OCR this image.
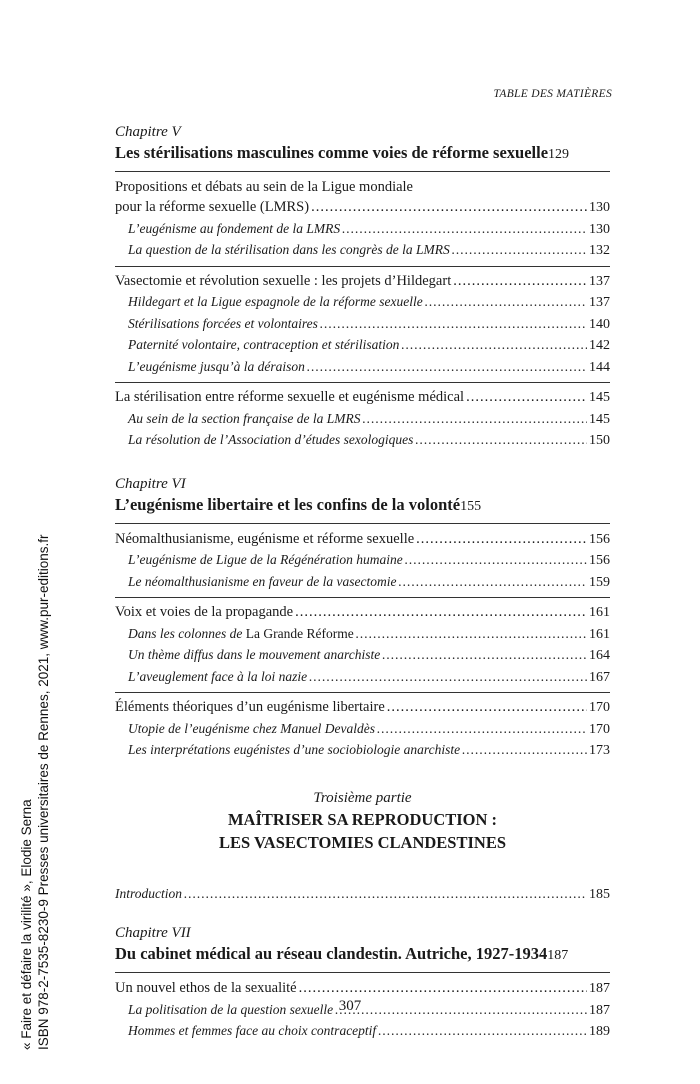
TABLE DES MATIÈRES
Chapitre V
Les stérilisations masculines comme voies de réforme sexuelle 129
Propositions et débats au sein de la Ligue mondiale
pour la réforme sexuelle (LMRS) .....	130
L’eugénisme au fondement de la LMRS .....	130
La question de la stérilisation dans les congrès de la LMRS .....	132
Vasectomie et révolution sexuelle : les projets d’Hildegart .....	137
Hildegart et la Ligue espagnole de la réforme sexuelle .....	137
Stérilisations forcées et volontaires .....	140
Paternité volontaire, contraception et stérilisation .....	142
L’eugénisme jusqu’à la déraison .....	144
La stérilisation entre réforme sexuelle et eugénisme médical .....	145
Au sein de la section française de la LMRS .....	145
La résolution de l’Association d’études sexologiques .....	150
Chapitre VI
L’eugénisme libertaire et les confins de la volonté 155
Néomalthusianisme, eugénisme et réforme sexuelle .....	156
L’eugénisme de Ligue de la Régénération humaine .....	156
Le néomalthusianisme en faveur de la vasectomie .....	159
Voix et voies de la propagande .....	161
Dans les colonnes de La Grande Réforme .....	161
Un thème diffus dans le mouvement anarchiste .....	164
L’aveuglement face à la loi nazie .....	167
Éléments théoriques d’un eugénisme libertaire .....	170
Utopie de l’eugénisme chez Manuel Devaldès .....	170
Les interprétations eugénistes d’une sociobiologie anarchiste .....	173
Troisième partie
MAÎTRISER SA REPRODUCTION :
LES VASECTOMIES CLANDESTINES
Introduction .....	185
Chapitre VII
Du cabinet médical au réseau clandestin. Autriche, 1927-1934 187
Un nouvel ethos de la sexualité .....	187
La politisation de la question sexuelle .....	187
Hommes et femmes face au choix contraceptif .....	189
307
« Faire et défaire la virilité », Elodie Serna ISBN 978-2-7535-8230-9 Presses universitaires de Rennes, 2021, www.pur-editions.fr
